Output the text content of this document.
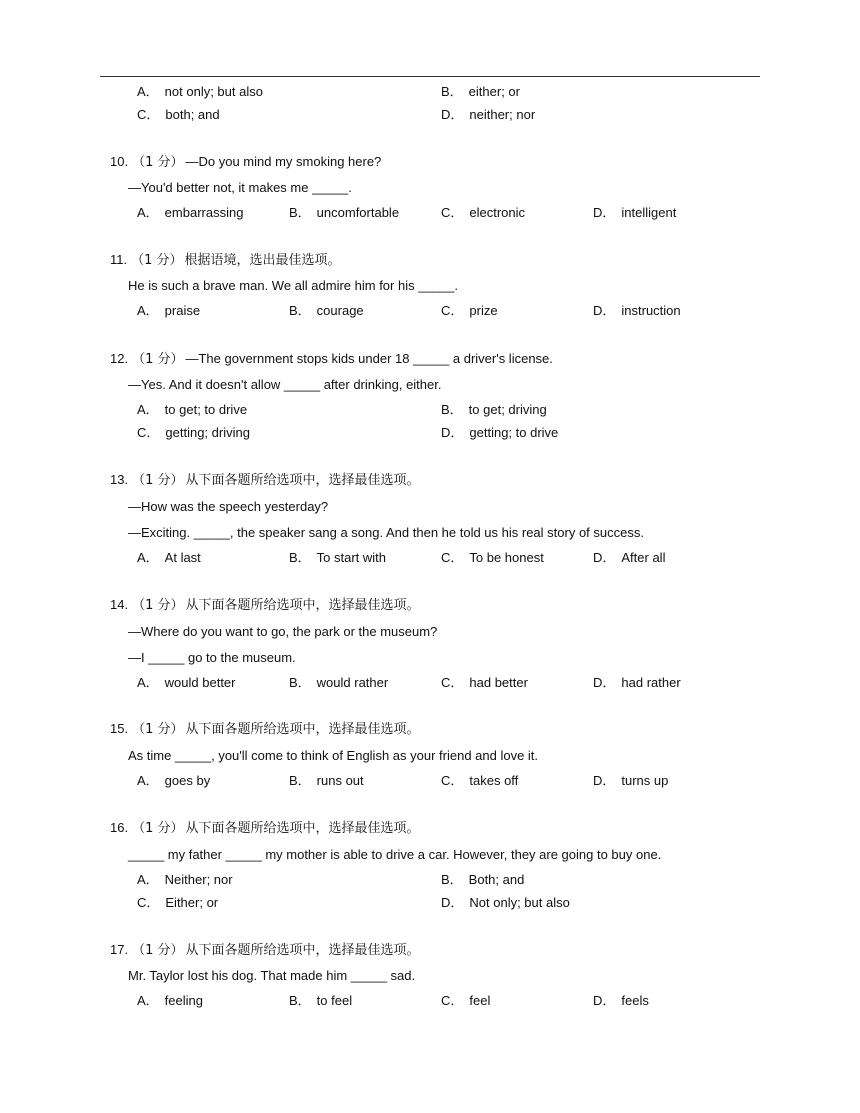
A． not only; but also	B． either; or
C． both; and	D． neither; nor
10. （1 分） —Do you mind my smoking here?
—You'd better not, it makes me _____.
A． embarrassing	B． uncomfortable	C． electronic	D． intelligent
11. （1 分） 根据语境，选出最佳选项。
He is such a brave man. We all admire him for his _____.
A． praise	B． courage	C． prize	D． instruction
12. （1 分） —The government stops kids under 18 _____ a driver's license.
—Yes. And it doesn't allow _____ after drinking, either.
A． to get; to drive	B． to get; driving
C． getting; driving	D． getting; to drive
13. （1 分） 从下面各题所给选项中，选择最佳选项。
—How was the speech yesterday?
—Exciting. _____, the speaker sang a song. And then he told us his real story of success.
A． At last	B． To start with	C． To be honest	D． After all
14. （1 分） 从下面各题所给选项中，选择最佳选项。
—Where do you want to go, the park or the museum?
—I _____ go to the museum.
A． would better	B． would rather	C． had better	D． had rather
15. （1 分） 从下面各题所给选项中，选择最佳选项。
As time _____, you'll come to think of English as your friend and love it.
A． goes by	B． runs out	C． takes off	D． turns up
16. （1 分） 从下面各题所给选项中，选择最佳选项。
_____ my father _____ my mother is able to drive a car. However, they are going to buy one.
A． Neither; nor	B． Both; and
C． Either; or	D． Not only; but also
17. （1 分） 从下面各题所给选项中，选择最佳选项。
Mr. Taylor lost his dog. That made him _____ sad.
A． feeling	B． to feel	C． feel	D． feels
